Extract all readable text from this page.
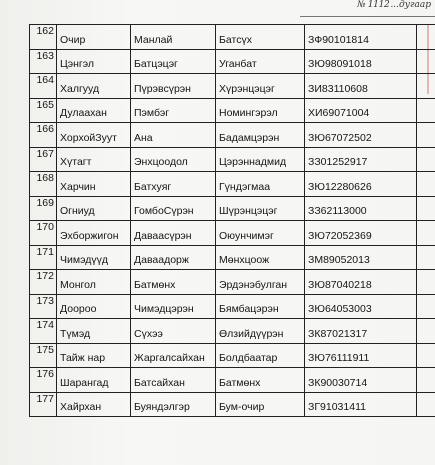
№ 1112...дугаар
162	Очир	Манлай	Батсүх	ЗФ90101814	
163	Цэнгэл	Батцэцэг	Уганбат	ЗЮ98091018	
164	Халгууд	Пүрэвсүрэн	Хүрэнцэцэг	ЗИ83110608	
165	Дулаахан	Пэмбэг	Номингэрэл	ХИ69071004	
166	ХорхойЗуут	Ана	Бадамцэрэн	ЗЮ67072502	
167	Хүтагт	Энхцоодол	Цэрэннадмид	ЗЗ01252917	
168	Харчин	Батхуяг	Гүндэгмаа	ЗЮ12280626	
169	Огниуд	ГомбоСүрэн	Шүрэнцэцэг	ЗЗ62113000	
170	Эхборжигон	Даваасүрэн	Оюунчимэг	ЗЮ72052369	
171	Чимэдүүд	Даваадорж	Мөнхцоож	ЗМ89052013	
172	Монгол	Батмөнх	Эрдэнэбулган	ЗЮ87040218	
173	Доороо	Чимэдцэрэн	Бямбацэрэн	ЗЮ64053003	
174	Түмэд	Сүхээ	Өлзийдүүрэн	ЗК87021317	
175	Тайж нар	Жаргалсайхан	Болдбаатар	ЗЮ76111911	
176	Шарангад	Батсайхан	Батмөнх	ЗК90030714	
177	Хайрхан	Буяндэлгэр	Бум-очир	ЗГ91031411	
